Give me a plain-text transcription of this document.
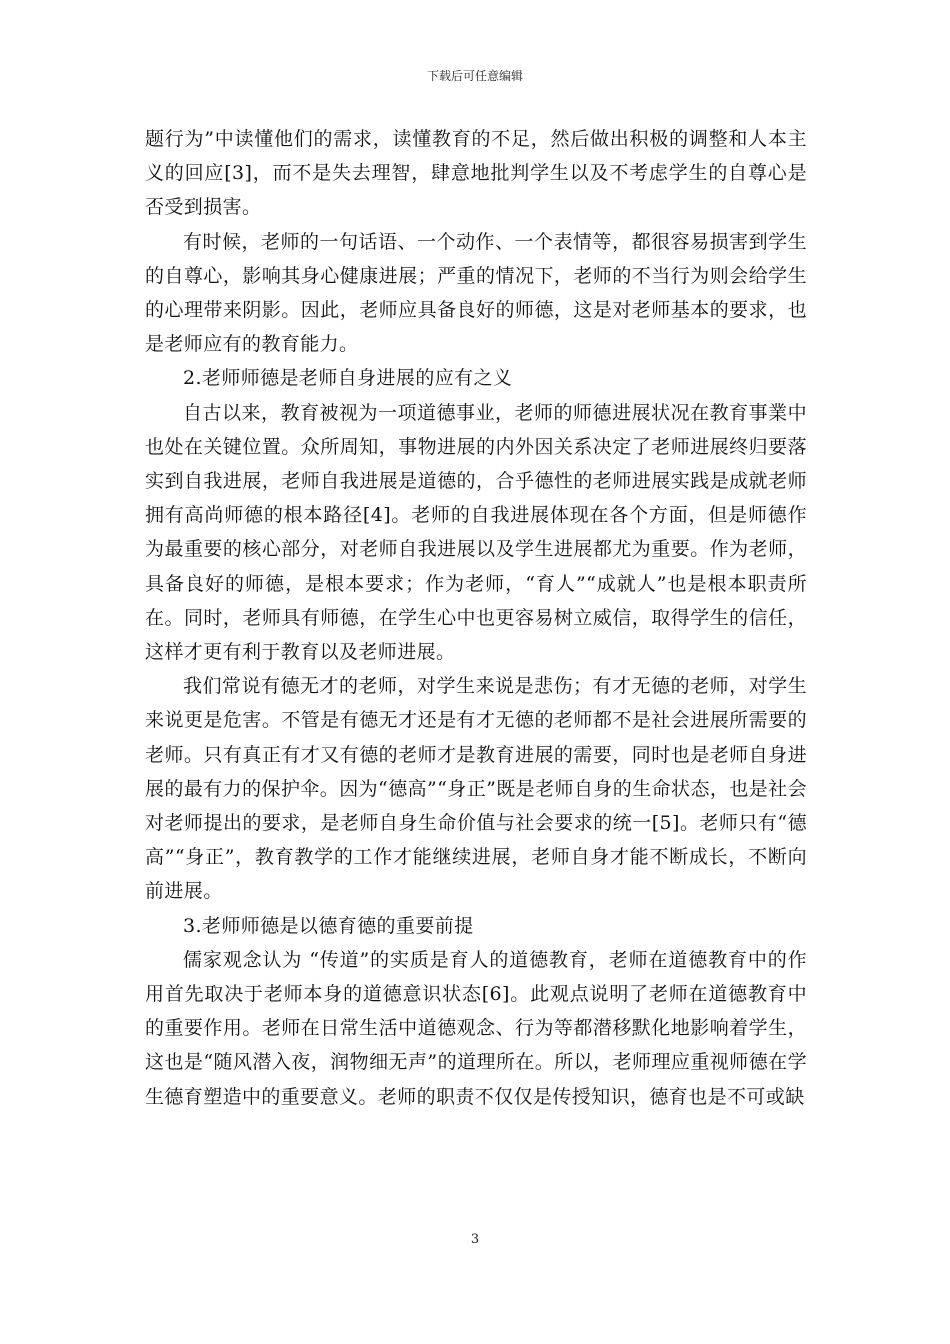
下载后可任意编辑

题行为”中读懂他们的需求，读懂教育的不足，然后做出积极的调整和人本主义的回应[3]，而不是失去理智，肆意地批判学生以及不考虑学生的自尊心是否受到损害。

有时候，老师的一句话语、一个动作、一个表情等，都很容易损害到学生的自尊心，影响其身心健康进展；严重的情况下，老师的不当行为则会给学生的心理带来阴影。因此，老师应具备良好的师德，这是对老师基本的要求，也是老师应有的教育能力。

2.老师师德是老师自身进展的应有之义

自古以来，教育被视为一项道德事业，老师的师德进展状况在教育事業中也处在关键位置。众所周知，事物进展的内外因关系决定了老师进展终归要落实到自我进展，老师自我进展是道德的，合乎德性的老师进展实践是成就老师拥有高尚师德的根本路径[4]。老师的自我进展体现在各个方面，但是师德作为最重要的核心部分，对老师自我进展以及学生进展都尤为重要。作为老师，具备良好的师德，是根本要求；作为老师，“育人”“成就人”也是根本职责所在。同时，老师具有师德，在学生心中也更容易树立威信，取得学生的信任，这样才更有利于教育以及老师进展。

我们常说有德无才的老师，对学生来说是悲伤；有才无德的老师，对学生来说更是危害。不管是有德无才还是有才无德的老师都不是社会进展所需要的老师。只有真正有才又有德的老师才是教育进展的需要，同时也是老师自身进展的最有力的保护伞。因为“德高”“身正”既是老师自身的生命状态，也是社会对老师提出的要求，是老师自身生命价值与社会要求的统一[5]。老师只有“德高”“身正”，教育教学的工作才能继续进展，老师自身才能不断成长，不断向前进展。

3.老师师德是以德育德的重要前提

儒家观念认为 “传道”的实质是育人的道德教育，老师在道德教育中的作用首先取决于老师本身的道德意识状态[6]。此观点说明了老师在道德教育中的重要作用。老师在日常生活中道德观念、行为等都潜移默化地影响着学生，这也是“随风潜入夜，润物细无声”的道理所在。所以，老师理应重视师德在学生德育塑造中的重要意义。老师的职责不仅仅是传授知识，德育也是不可或缺

3
